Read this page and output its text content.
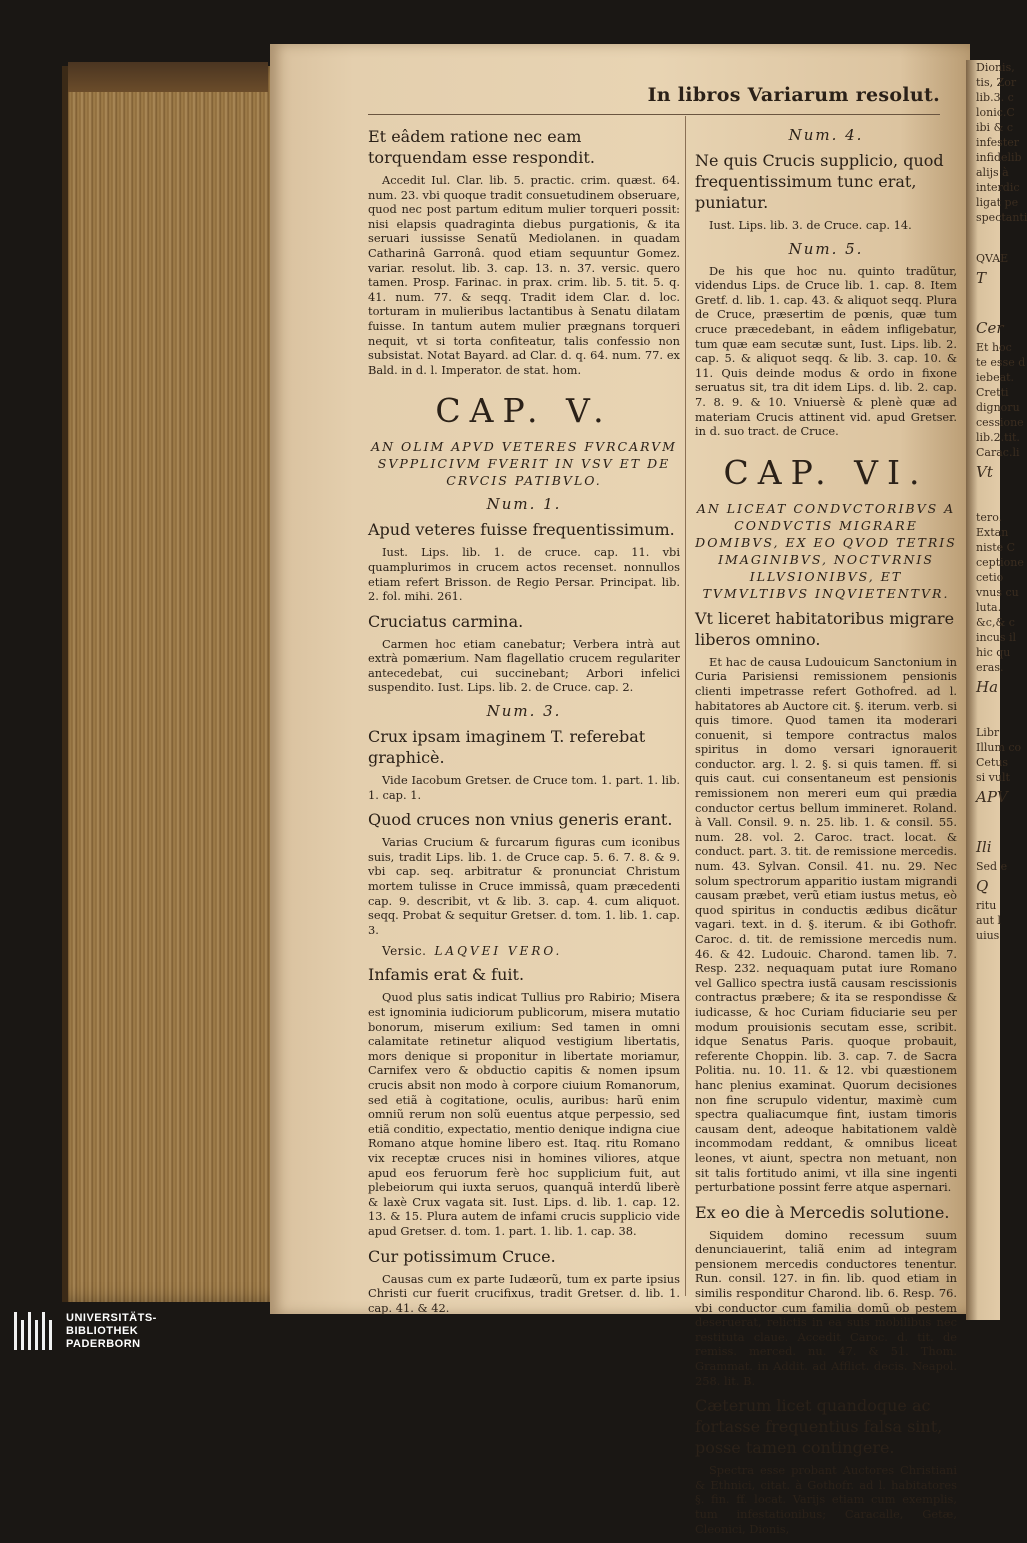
In libros Variarum resolut.
Et eâdem ratione nec eam torquendam esse respondit.
Accedit Iul. Clar. lib. 5. practic. crim. quæst. 64. num. 23. vbi quoque tradit consuetudinem obseruare, quod nec post partum editum mulier torqueri possit: nisi elapsis quadraginta diebus purgationis, & ita seruari iussisse Senatũ Mediolanen. in quadam Catharinâ Garronâ. quod etiam sequuntur Gomez. variar. resolut. lib. 3. cap. 13. n. 37. versic. quero tamen. Prosp. Farinac. in prax. crim. lib. 5. tit. 5. q. 41. num. 77. & seqq. Tradit idem Clar. d. loc. torturam in mulieribus lactantibus à Senatu dilatam fuisse. In tantum autem mulier prægnans torqueri nequit, vt si torta confiteatur, talis confessio non subsistat. Notat Bayard. ad Clar. d. q. 64. num. 77. ex Bald. in d. l. Imperator. de stat. hom.
CAP. V.
AN OLIM APVD VETERES FVRCARVM SVPPLICIVM FVERIT IN VSV ET DE CRVCIS PATIBVLO.
Num. 1.
Apud veteres fuisse frequentissimum.
Iust. Lips. lib. 1. de cruce. cap. 11. vbi quamplurimos in crucem actos recenset. nonnullos etiam refert Brisson. de Regio Persar. Principat. lib. 2. fol. mihi. 261.
Cruciatus carmina.
Carmen hoc etiam canebatur; Verbera intrà aut extrà pomærium. Nam flagellatio crucem regulariter antecedebat, cui succinebant; Arbori infelici suspendito. Iust. Lips. lib. 2. de Cruce. cap. 2.
Num. 3.
Crux ipsam imaginem T. referebat graphicè.
Vide Iacobum Gretser. de Cruce tom. 1. part. 1. lib. 1. cap. 1.
Quod cruces non vnius generis erant.
Varias Crucium & furcarum figuras cum iconibus suis, tradit Lips. lib. 1. de Cruce cap. 5. 6. 7. 8. & 9. vbi cap. seq. arbitratur & pronunciat Christum mortem tulisse in Cruce immissâ, quam præcedenti cap. 9. describit, vt & lib. 3. cap. 4. cum aliquot. seqq. Probat & sequitur Gretser. d. tom. 1. lib. 1. cap. 3.
Versic. LAQVEI VERO.
Infamis erat & fuit.
Quod plus satis indicat Tullius pro Rabirio; Misera est ignominia iudiciorum publicorum, misera mutatio bonorum, miserum exilium: Sed tamen in omni calamitate retinetur aliquod vestigium libertatis, mors denique si proponitur in libertate moriamur, Carnifex vero & obductio capitis & nomen ipsum crucis absit non modo à corpore ciuium Romanorum, sed etiã à cogitatione, oculis, auribus: harũ enim omniũ rerum non solũ euentus atque perpessio, sed etiã conditio, expectatio, mentio denique indigna ciue Romano atque homine libero est. Itaq. ritu Romano vix receptæ cruces nisi in homines viliores, atque apud eos feruorum ferè hoc supplicium fuit, aut plebeiorum qui iuxta seruos, quanquã interdũ liberè & laxè Crux vagata sit. Iust. Lips. d. lib. 1. cap. 12. 13. & 15. Plura autem de infami crucis supplicio vide apud Gretser. d. tom. 1. part. 1. lib. 1. cap. 38.
Cur potissimum Cruce.
Causas cum ex parte Iudæorũ, tum ex parte ipsius Christi cur fuerit crucifixus, tradit Gretser. d. lib. 1. cap. 41. & 42.
Num. 4.
Ne quis Crucis supplicio, quod frequentissimum tunc erat, puniatur.
Iust. Lips. lib. 3. de Cruce. cap. 14.
Num. 5.
De his que hoc nu. quinto tradũtur, videndus Lips. de Cruce lib. 1. cap. 8. Item Gretf. d. lib. 1. cap. 43. & aliquot seqq. Plura de Cruce, præsertim de pœnis, quæ tum cruce præcedebant, in eâdem infligebatur, tum quæ eam secutæ sunt, Iust. Lips. lib. 2. cap. 5. & aliquot seqq. & lib. 3. cap. 10. & 11. Quis deinde modus & ordo in fixone seruatus sit, tra dit idem Lips. d. lib. 2. cap. 7. 8. 9. & 10. Vniuersè & plenè quæ ad materiam Crucis attinent vid. apud Gretser. in d. suo tract. de Cruce.
CAP. VI.
AN LICEAT CONDVCTORIBVS A CONDVCTIS MIGRARE DOMIBVS, EX EO QVOD TETRIS IMAGINIBVS, NOCTVRNIS ILLVSIONIBVS, ET TVMVLTIBVS INQVIETENTVR.
Vt liceret habitatoribus migrare liberos omnino.
Et hac de causa Ludouicum Sanctonium in Curia Parisiensi remissionem pensionis clienti impetrasse refert Gothofred. ad l. habitatores ab Auctore cit. §. iterum. verb. si quis timore. Quod tamen ita moderari conuenit, si tempore contractus malos spiritus in domo versari ignorauerit conductor. arg. l. 2. §. si quis tamen. ff. si quis caut. cui consentaneum est pensionis remissionem non mereri eum qui prædia conductor certus bellum immineret. Roland. à Vall. Consil. 9. n. 25. lib. 1. & consil. 55. num. 28. vol. 2. Caroc. tract. locat. & conduct. part. 3. tit. de remissione mercedis. num. 43. Sylvan. Consil. 41. nu. 29. Nec solum spectrorum apparitio iustam migrandi causam præbet, verũ etiam iustus metus, eò quod spiritus in conductis ædibus dicãtur vagari. text. in d. §. iterum. & ibi Gothofr. Caroc. d. tit. de remissione mercedis num. 46. & 42. Ludouic. Charond. tamen lib. 7. Resp. 232. nequaquam putat iure Romano vel Gallico spectra iustã causam rescissionis contractus præbere; & ita se respondisse & iudicasse, & hoc Curiam fiduciarie seu per modum prouisionis secutam esse, scribit. idque Senatus Paris. quoque probauit, referente Choppin. lib. 3. cap. 7. de Sacra Politia. nu. 10. 11. & 12. vbi quæstionem hanc plenius examinat. Quorum decisiones non fine scrupulo videntur, maximè cum spectra qualiacumque fint, iustam timoris causam dent, adeoque habitationem valdè incommodam reddant, & omnibus liceat leones, vt aiunt, spectra non metuant, non sit talis fortitudo animi, vt illa sine ingenti perturbatione possint ferre atque aspernari.
Ex eo die à Mercedis solutione.
Siquidem domino recessum suum denunciauerint, taliã enim ad integram pensionem mercedis conductores tenentur. Run. consil. 127. in fin. lib. quod etiam in similis responditur Charond. lib. 6. Resp. 76. vbi conductor cum familia domũ ob pestem deseruerat, relictis in ea suis mobilibus nec restituta claue. Accedit Caroc. d. tit. de remiss. merced. nu. 47. & 51. Thom. Grammat. in Addit. ad Afflict. decis. Neapol. 258. lit. B.
Cæterum licet quandoque ac fortasse frequentius falsa sint, posse tamen contingere.
Spectra esse probant Auctores Christiani & Ethnici, citat. à Gothofr. ad l. habitatores §. fin. ff. locat. Varijs etiam cum exemplis, tum infestationibus; Caracalle, Getæ, Cleonici, Dionis,
Dionis,
tis, Zor
lib.3. c
lonic.C
ibi & c
infester
infidelib
alijs à
interdic
ligat pe
spectanti
QVAE
T
Cer
Et hoc
te esse d
iebeat.
Cretti
dignoru
cessione
lib.2.tit.
Carac.li
Vt
tero.
Extan
niste C
ceptione
cetio
vnus cu
luta.
&c,& c
incus il
hic qu
eras.
Ha
Libr
Illum co
Cetus
si vult
APV
Ili
Sed e
Q
ritu
aut l
uius
UNIVERSITÄTS-
BIBLIOTHEK
PADERBORN
